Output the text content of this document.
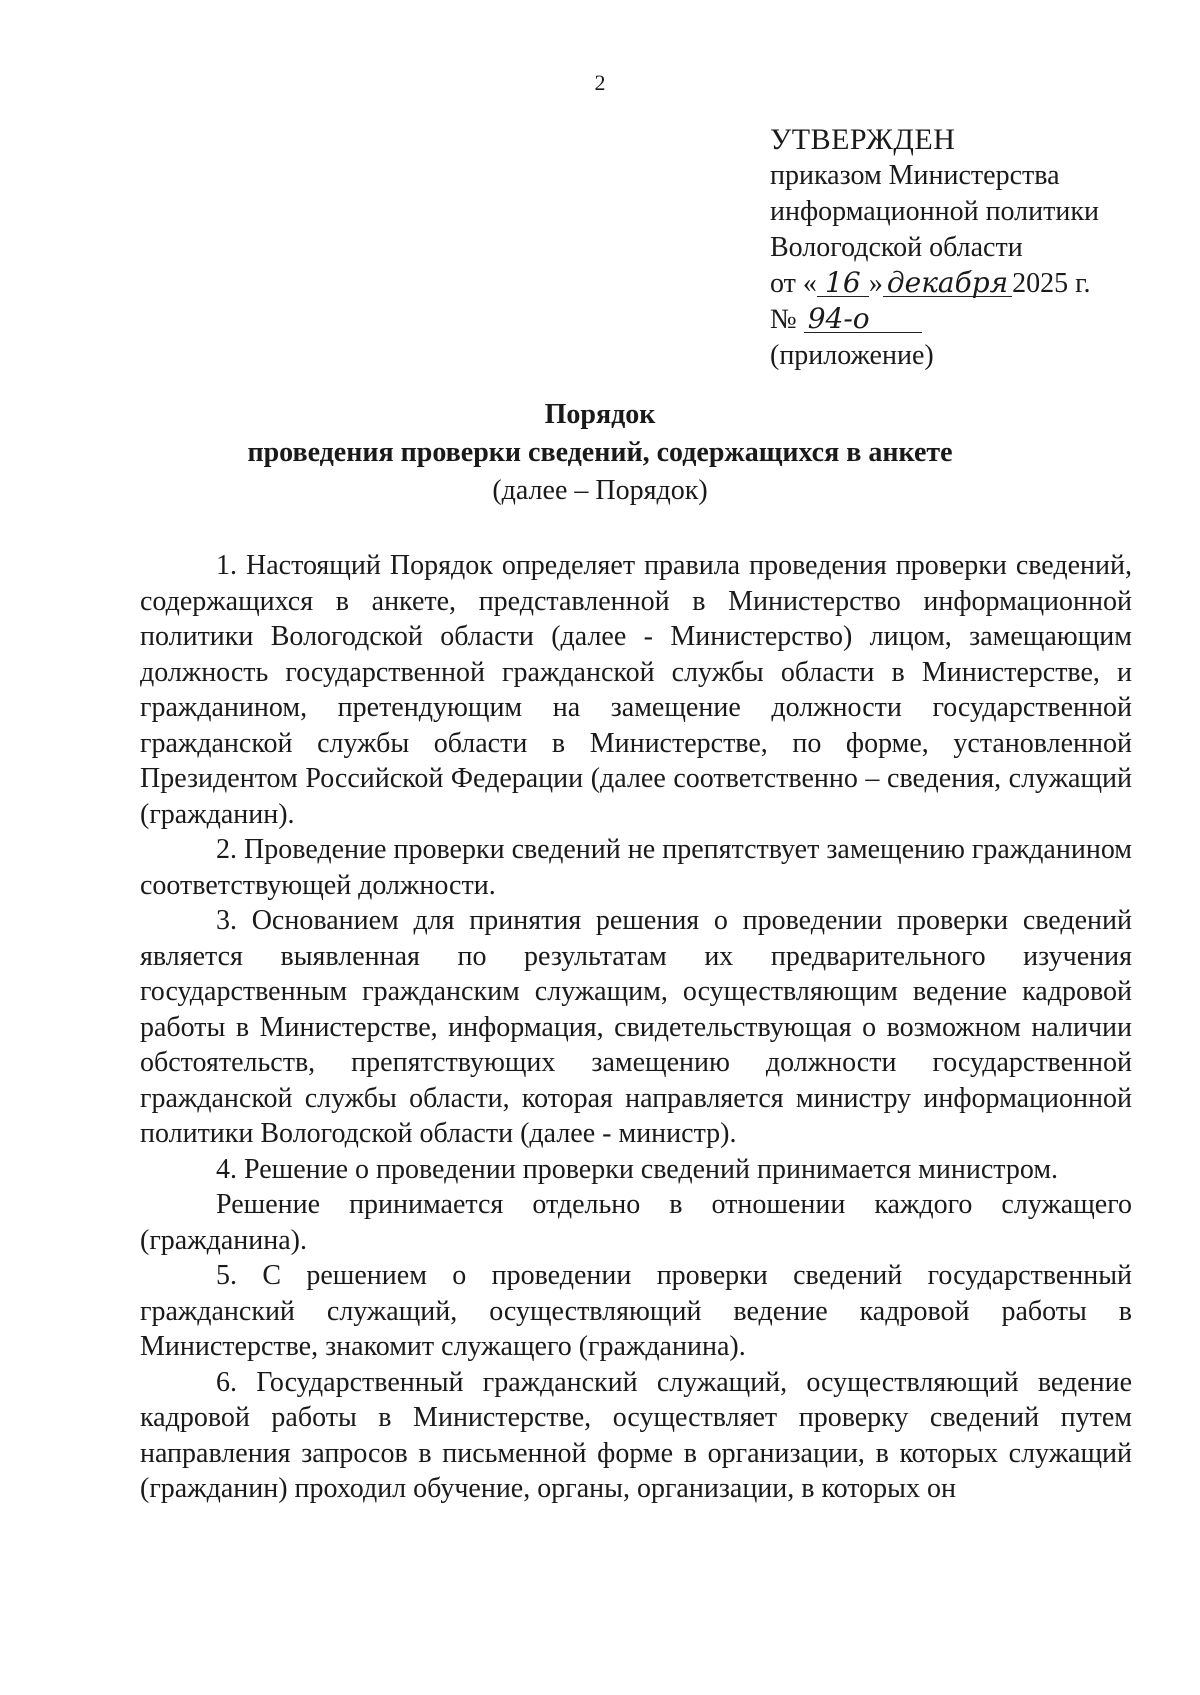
2
УТВЕРЖДЕН
приказом Министерства
информационной политики
Вологодской области
от « 16 » декабря 2025 г.
№ 94-о
(приложение)
Порядок
проведения проверки сведений, содержащихся в анкете
(далее – Порядок)

1. Настоящий Порядок определяет правила проведения проверки сведений, содержащихся в анкете, представленной в Министерство информационной политики Вологодской области (далее - Министерство) лицом, замещающим должность государственной гражданской службы области в Министерстве, и гражданином, претендующим на замещение должности государственной гражданской службы области в Министерстве, по форме, установленной Президентом Российской Федерации (далее соответственно – сведения, служащий (гражданин).

2. Проведение проверки сведений не препятствует замещению гражданином соответствующей должности.

3. Основанием для принятия решения о проведении проверки сведений является выявленная по результатам их предварительного изучения государственным гражданским служащим, осуществляющим ведение кадровой работы в Министерстве, информация, свидетельствующая о возможном наличии обстоятельств, препятствующих замещению должности государственной гражданской службы области, которая направляется министру информационной политики Вологодской области (далее - министр).

4. Решение о проведении проверки сведений принимается министром.

Решение принимается отдельно в отношении каждого служащего (гражданина).

5. С решением о проведении проверки сведений государственный гражданский служащий, осуществляющий ведение кадровой работы в Министерстве, знакомит служащего (гражданина).

6. Государственный гражданский служащий, осуществляющий ведение кадровой работы в Министерстве, осуществляет проверку сведений путем направления запросов в письменной форме в организации, в которых служащий (гражданин) проходил обучение, органы, организации, в которых он
